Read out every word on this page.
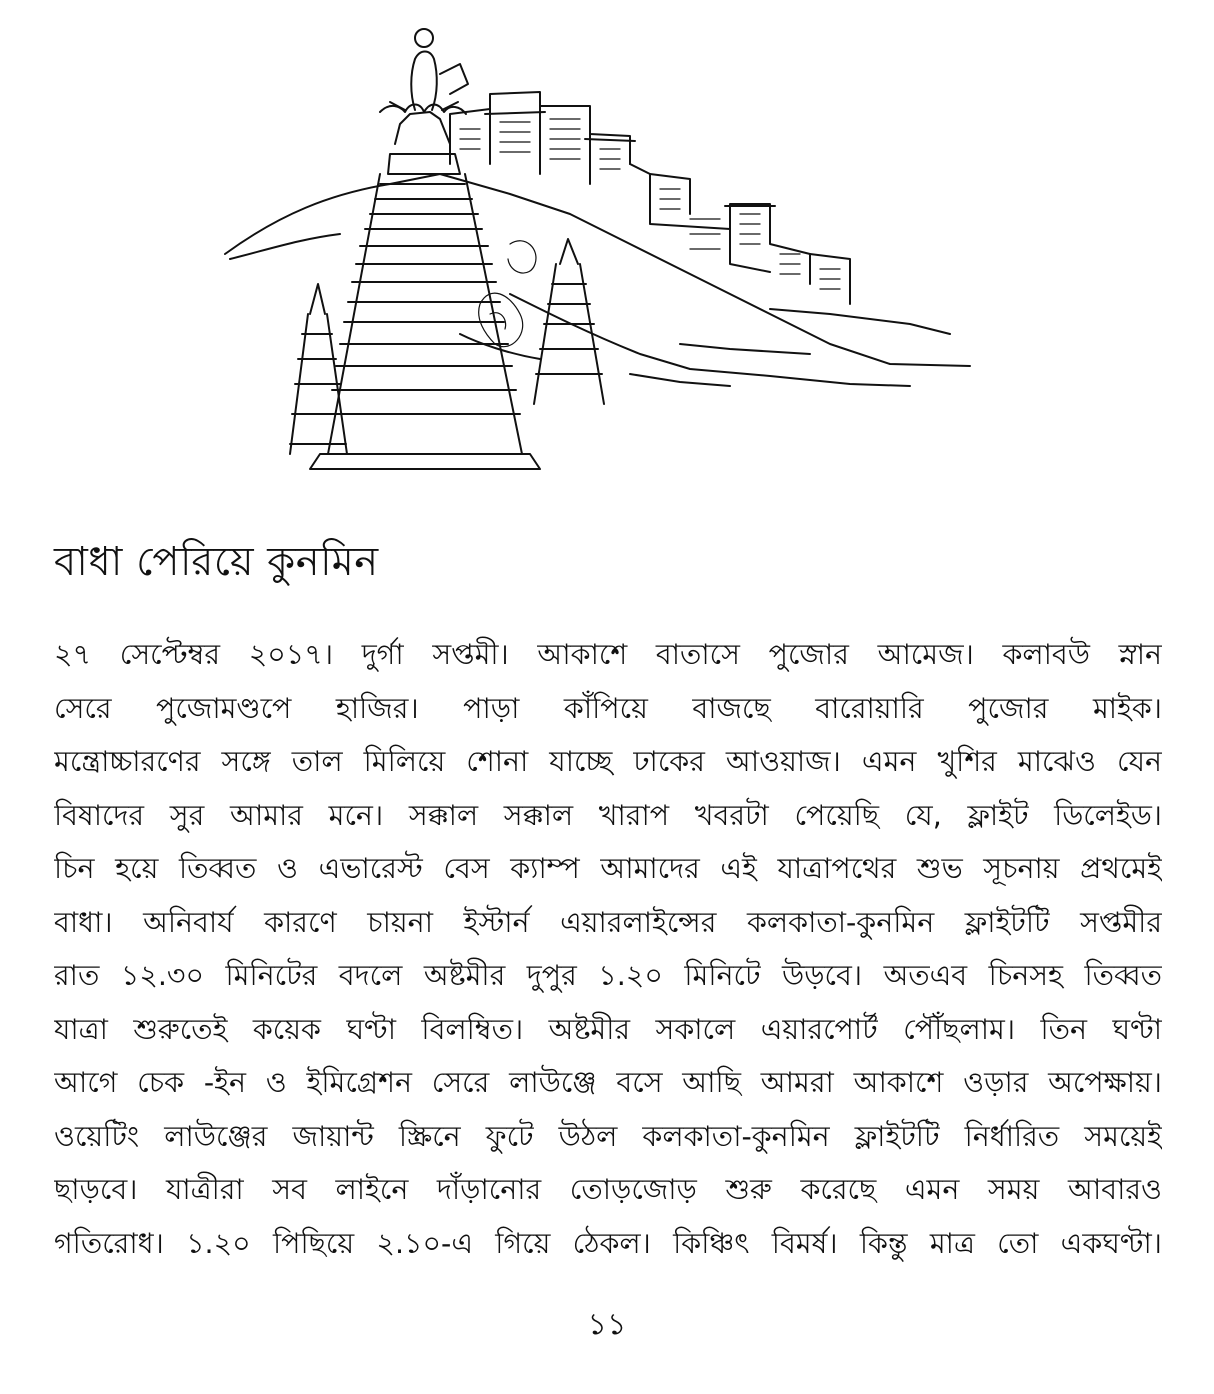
বাধা পেরিয়ে কুনমিন
২৭ সেপ্টেম্বর ২০১৭। দুর্গা সপ্তমী। আকাশে বাতাসে পুজোর আমেজ। কলাবউ স্নান
সেরে পুজোমণ্ডপে হাজির। পাড়া কাঁপিয়ে বাজছে বারোয়ারি পুজোর মাইক।
মন্ত্রোচ্চারণের সঙ্গে তাল মিলিয়ে শোনা যাচ্ছে ঢাকের আওয়াজ। এমন খুশির মাঝেও যেন
বিষাদের সুর আমার মনে। সক্কাল সক্কাল খারাপ খবরটা পেয়েছি যে, ফ্লাইট ডিলেইড।
চিন হয়ে তিব্বত ও এভারেস্ট বেস ক্যাম্প আমাদের এই যাত্রাপথের শুভ সূচনায় প্রথমেই
বাধা। অনিবার্য কারণে চায়না ইস্টার্ন এয়ারলাইন্সের কলকাতা-কুনমিন ফ্লাইটটি সপ্তমীর
রাত ১২.৩০ মিনিটের বদলে অষ্টমীর দুপুর ১.২০ মিনিটে উড়বে। অতএব চিনসহ তিব্বত
যাত্রা শুরুতেই কয়েক ঘণ্টা বিলম্বিত। অষ্টমীর সকালে এয়ারপোর্ট পৌঁছলাম। তিন ঘণ্টা
আগে চেক -ইন ও ইমিগ্রেশন সেরে লাউঞ্জে বসে আছি আমরা আকাশে ওড়ার অপেক্ষায়।
ওয়েটিং লাউঞ্জের জায়ান্ট স্ক্রিনে ফুটে উঠল কলকাতা-কুনমিন ফ্লাইটটি নির্ধারিত সময়েই
ছাড়বে। যাত্রীরা সব লাইনে দাঁড়ানোর তোড়জোড় শুরু করেছে এমন সময় আবারও
গতিরোধ। ১.২০ পিছিয়ে ২.১০-এ গিয়ে ঠেকল। কিঞ্চিৎ বিমর্ষ। কিন্তু মাত্র তো একঘণ্টা।
১১
